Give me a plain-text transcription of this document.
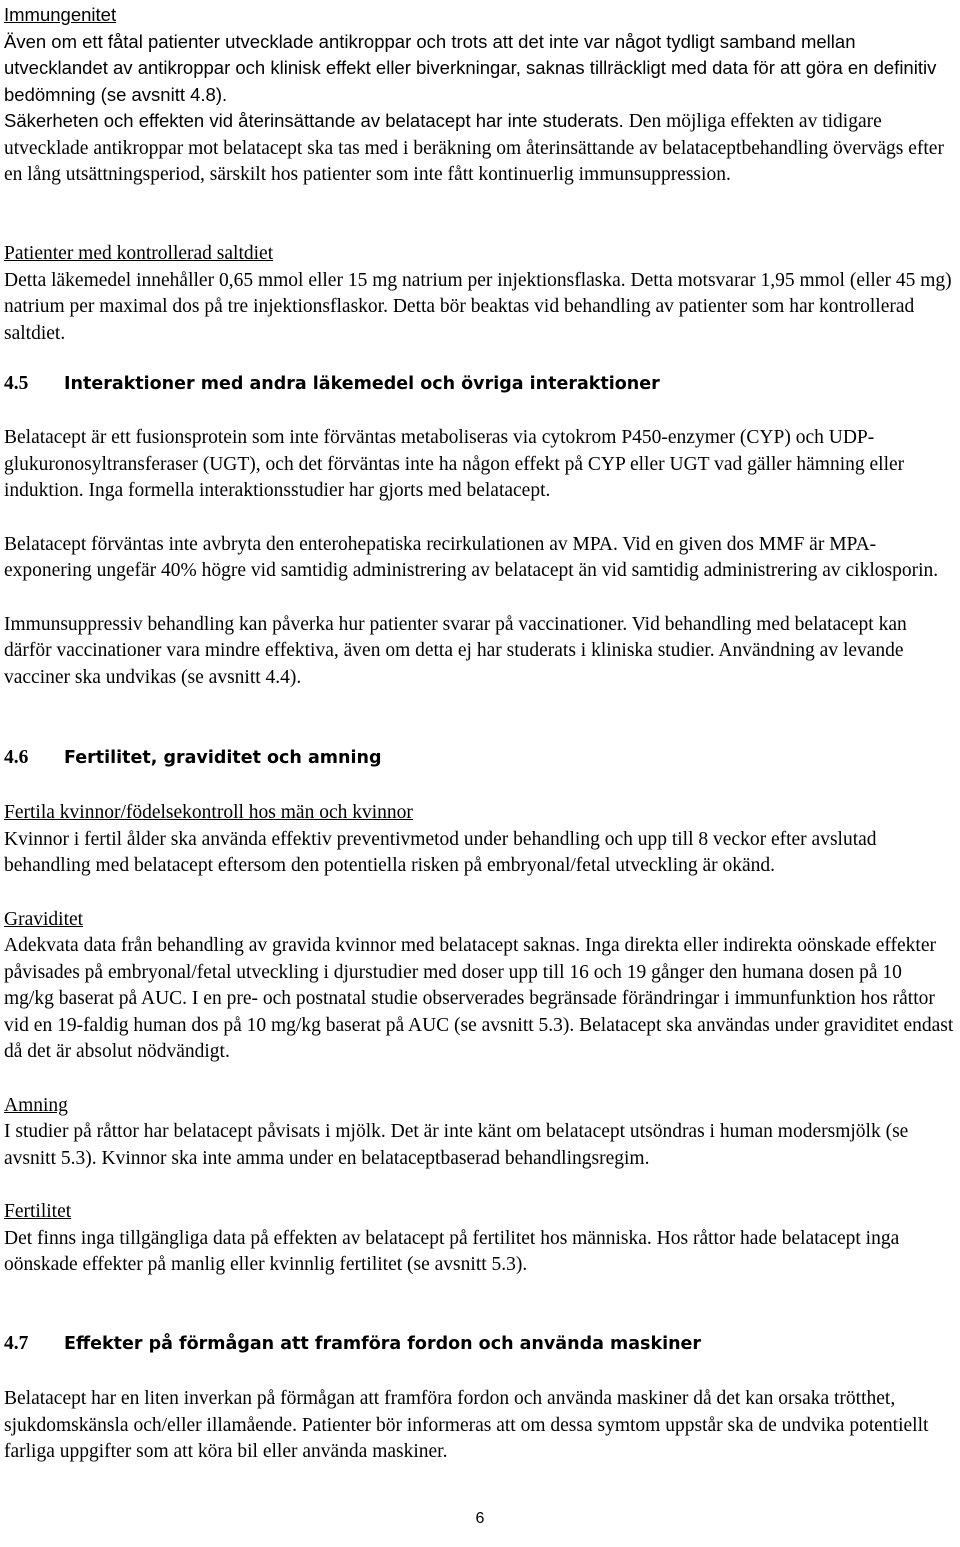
Immungenitet

Även om ett fåtal patienter utvecklade antikroppar och trots att det inte var något tydligt samband mellan utvecklandet av antikroppar och klinisk effekt eller biverkningar, saknas tillräckligt med data för att göra en definitiv bedömning (se avsnitt 4.8).

Säkerheten och effekten vid återinsättande av belatacept har inte studerats. Den möjliga effekten av tidigare utvecklade antikroppar mot belatacept ska tas med i beräkning om återinsättande av belataceptbehandling övervägs efter en lång utsättningsperiod, särskilt hos patienter som inte fått kontinuerlig immunsuppression.

Patienter med kontrollerad saltdiet

Detta läkemedel innehåller 0,65 mmol eller 15 mg natrium per injektionsflaska. Detta motsvarar 1,95 mmol (eller 45 mg) natrium per maximal dos på tre injektionsflaskor. Detta bör beaktas vid behandling av patienter som har kontrollerad saltdiet.

4.5 Interaktioner med andra läkemedel och övriga interaktioner

Belatacept är ett fusionsprotein som inte förväntas metaboliseras via cytokrom P450-enzymer (CYP) och UDP-glukuronosyltransferaser (UGT), och det förväntas inte ha någon effekt på CYP eller UGT vad gäller hämning eller induktion. Inga formella interaktionsstudier har gjorts med belatacept.

Belatacept förväntas inte avbryta den enterohepatiska recirkulationen av MPA. Vid en given dos MMF är MPA-exponering ungefär 40% högre vid samtidig administrering av belatacept än vid samtidig administrering av ciklosporin.

Immunsuppressiv behandling kan påverka hur patienter svarar på vaccinationer. Vid behandling med belatacept kan därför vaccinationer vara mindre effektiva, även om detta ej har studerats i kliniska studier. Användning av levande vacciner ska undvikas (se avsnitt 4.4).

4.6 Fertilitet, graviditet och amning

Fertila kvinnor/födelsekontroll hos män och kvinnor

Kvinnor i fertil ålder ska använda effektiv preventivmetod under behandling och upp till 8 veckor efter avslutad behandling med belatacept eftersom den potentiella risken på embryonal/fetal utveckling är okänd.

Graviditet

Adekvata data från behandling av gravida kvinnor med belatacept saknas. Inga direkta eller indirekta oönskade effekter påvisades på embryonal/fetal utveckling i djurstudier med doser upp till 16 och 19 gånger den humana dosen på 10 mg/kg baserat på AUC. I en pre- och postnatal studie observerades begränsade förändringar i immunfunktion hos råttor vid en 19-faldig human dos på 10 mg/kg baserat på AUC (se avsnitt 5.3). Belatacept ska användas under graviditet endast då det är absolut nödvändigt.

Amning

I studier på råttor har belatacept påvisats i mjölk. Det är inte känt om belatacept utsöndras i human modersmjölk (se avsnitt 5.3). Kvinnor ska inte amma under en belataceptbaserad behandlingsregim.

Fertilitet

Det finns inga tillgängliga data på effekten av belatacept på fertilitet hos människa. Hos råttor hade belatacept inga oönskade effekter på manlig eller kvinnlig fertilitet (se avsnitt 5.3).

4.7 Effekter på förmågan att framföra fordon och använda maskiner

Belatacept har en liten inverkan på förmågan att framföra fordon och använda maskiner då det kan orsaka trötthet, sjukdomskänsla och/eller illamående. Patienter bör informeras att om dessa symtom uppstår ska de undvika potentiellt farliga uppgifter som att köra bil eller använda maskiner.

6
